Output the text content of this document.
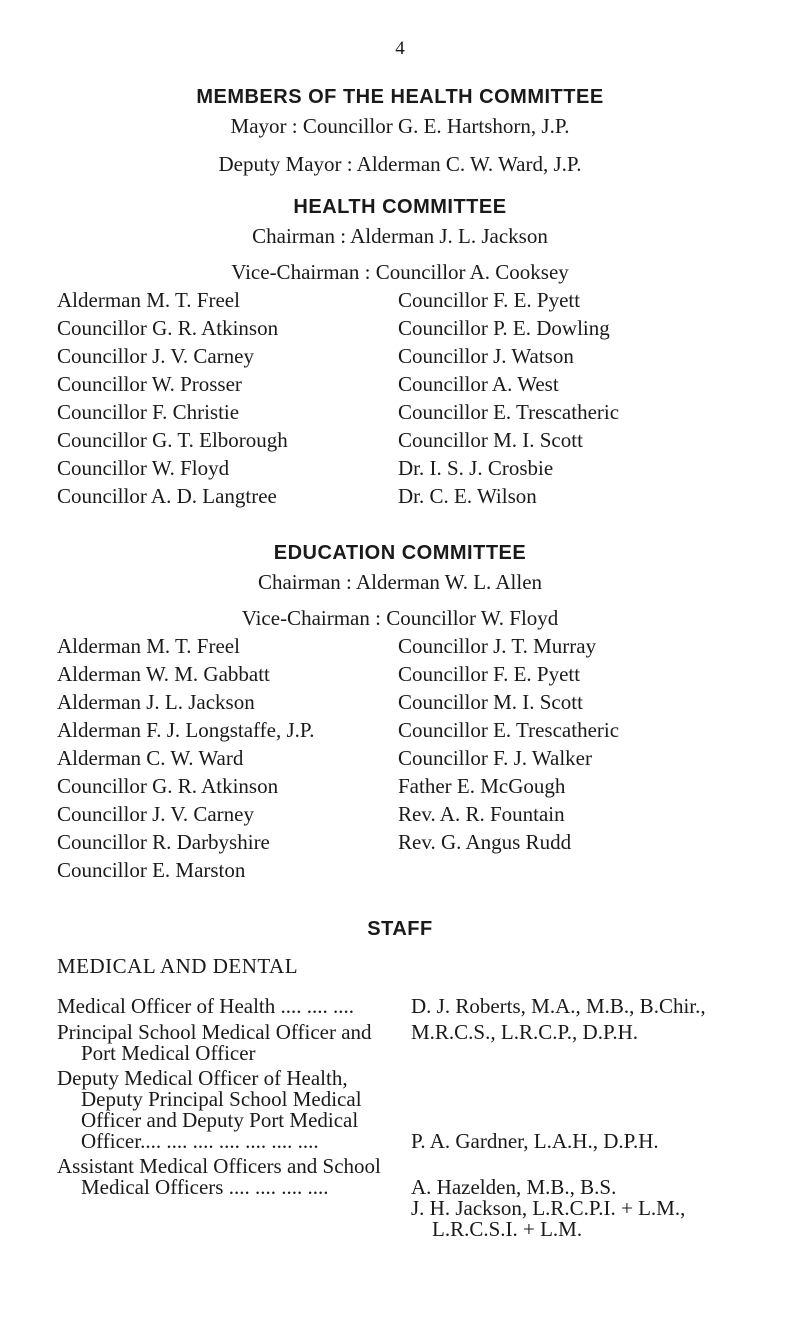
4
MEMBERS OF THE HEALTH COMMITTEE
Mayor : Councillor G. E. Hartshorn, J.P.
Deputy Mayor : Alderman C. W. Ward, J.P.
HEALTH COMMITTEE
Chairman : Alderman J. L. Jackson
Vice-Chairman : Councillor A. Cooksey
Alderman M. T. Freel
Councillor G. R. Atkinson
Councillor J. V. Carney
Councillor W. Prosser
Councillor F. Christie
Councillor G. T. Elborough
Councillor W. Floyd
Councillor A. D. Langtree
Councillor F. E. Pyett
Councillor P. E. Dowling
Councillor J. Watson
Councillor A. West
Councillor E. Trescatheric
Councillor M. I. Scott
Dr. I. S. J. Crosbie
Dr. C. E. Wilson
EDUCATION COMMITTEE
Chairman : Alderman W. L. Allen
Vice-Chairman : Councillor W. Floyd
Alderman M. T. Freel
Alderman W. M. Gabbatt
Alderman J. L. Jackson
Alderman F. J. Longstaffe, J.P.
Alderman C. W. Ward
Councillor G. R. Atkinson
Councillor J. V. Carney
Councillor R. Darbyshire
Councillor E. Marston
Councillor J. T. Murray
Councillor F. E. Pyett
Councillor M. I. Scott
Councillor E. Trescatheric
Councillor F. J. Walker
Father E. McGough
Rev. A. R. Fountain
Rev. G. Angus Rudd
STAFF
MEDICAL AND DENTAL
Medical Officer of Health .... .... ....
Principal School Medical Officer and
Port Medical Officer
Deputy Medical Officer of Health,
Deputy Principal School Medical
Officer and Deputy Port Medical
Officer.... .... .... .... .... .... ....
Assistant Medical Officers and School
Medical Officers .... .... .... ....
D. J. Roberts, M.A., M.B., B.Chir.,
M.R.C.S., L.R.C.P., D.P.H.
P. A. Gardner, L.A.H., D.P.H.
A. Hazelden, M.B., B.S.
J. H. Jackson, L.R.C.P.I. + L.M.,
L.R.C.S.I. + L.M.
